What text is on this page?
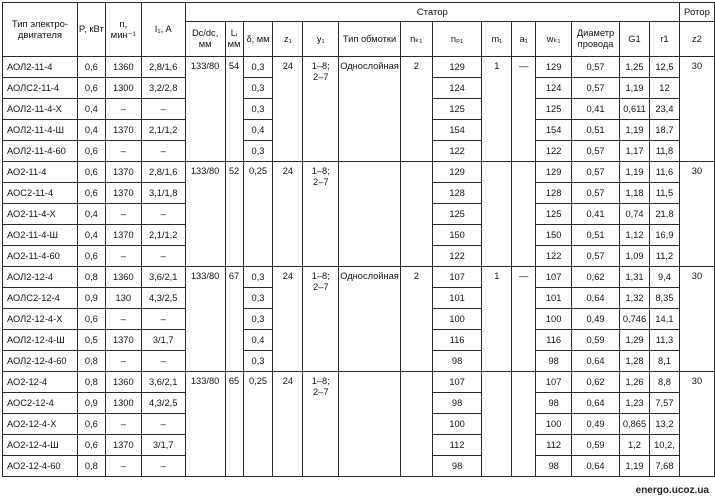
Тип электро-двигателя	P, кВт	n, мин⁻¹	I₁, A	Статор														Ротор
				Dc/dc, мм	Lᵢ мм	δ, мм	z₁	y₁	Тип обмотки	nₖ₁	nₚ₁	m₁	a₁	wₖ₁	Диаметр провода	G1	r1	z2
АОЛ2-11-4	0,6	1360	2,8/1,6	133/80	54	0,3	24	1–8;
2–7	Однослойная	2	129	1	—	129	0,57	1,25	12,5	30
АОЛС2-11-4	0,6	1300	3,2/2,8			0,3					124			124	0,57	1,19	12	
АОЛ2-11-4-Х	0,4	–	–			0,3					125			125	0,41	0,611	23,4	
АОЛ2-11-4-Ш	0,4	1370	2,1/1,2			0,4					154			154	0,51	1,19	18,7	
АОЛ2-11-4-60	0,6	–	–			0,3					122			122	0,57	1,17	11,8	
АО2-11-4	0,6	1370	2,8/1,6	133/80	52	0,25	24	1–8;
2–7			129			129	0,57	1,19	11,6	30
АОС2-11-4	0,6	1370	3,1/1,8								128			128	0,57	1,18	11,5	
АО2-11-4-Х	0,4	–	–								125			125	0,41	0,74	21,8	
АО2-11-4-Ш	0,4	1370	2,1/1,2								150			150	0,51	1,12	16,9	
АО2-11-4-60	0,6	–	–								122			122	0,57	1,09	11,2	
АОЛ2-12-4	0,8	1360	3,6/2,1	133/80	67	0,3	24	1–8;
2–7	Однослойная	2	107	1	—	107	0,62	1,31	9,4	30
АОЛС2-12-4	0,9	130	4,3/2,5			0,3					101			101	0,64	1,32	8,35	
АОЛ2-12-4-Х	0,6	–	–			0,3					100			100	0,49	0,746	14,1	
АОЛ2-12-4-Ш	0,5	1370	3/1,7			0,4					116			116	0,59	1,29	11,3	
АОЛ2-12-4-60	0,8	–	–			0,3					98			98	0,64	1,28	8,1	
АО2-12-4	0,8	1360	3,6/2,1	133/80	65	0,25	24	1–8;
2–7			107			107	0,62	1,26	8,8	30
АОС2-12-4	0,9	1300	4,3/2,5								98			98	0,64	1,23	7,57	
АО2-12-4-Х	0,6	–	–								100			100	0,49	0,865	13,2	
АО2-12-4-Ш	0,6	1370	3/1,7								112			112	0,59	1,2	10,2,	
АО2-12-4-60	0,8	–	–								98			98	0,64	1,19	7,68	
energo.ucoz.ua
